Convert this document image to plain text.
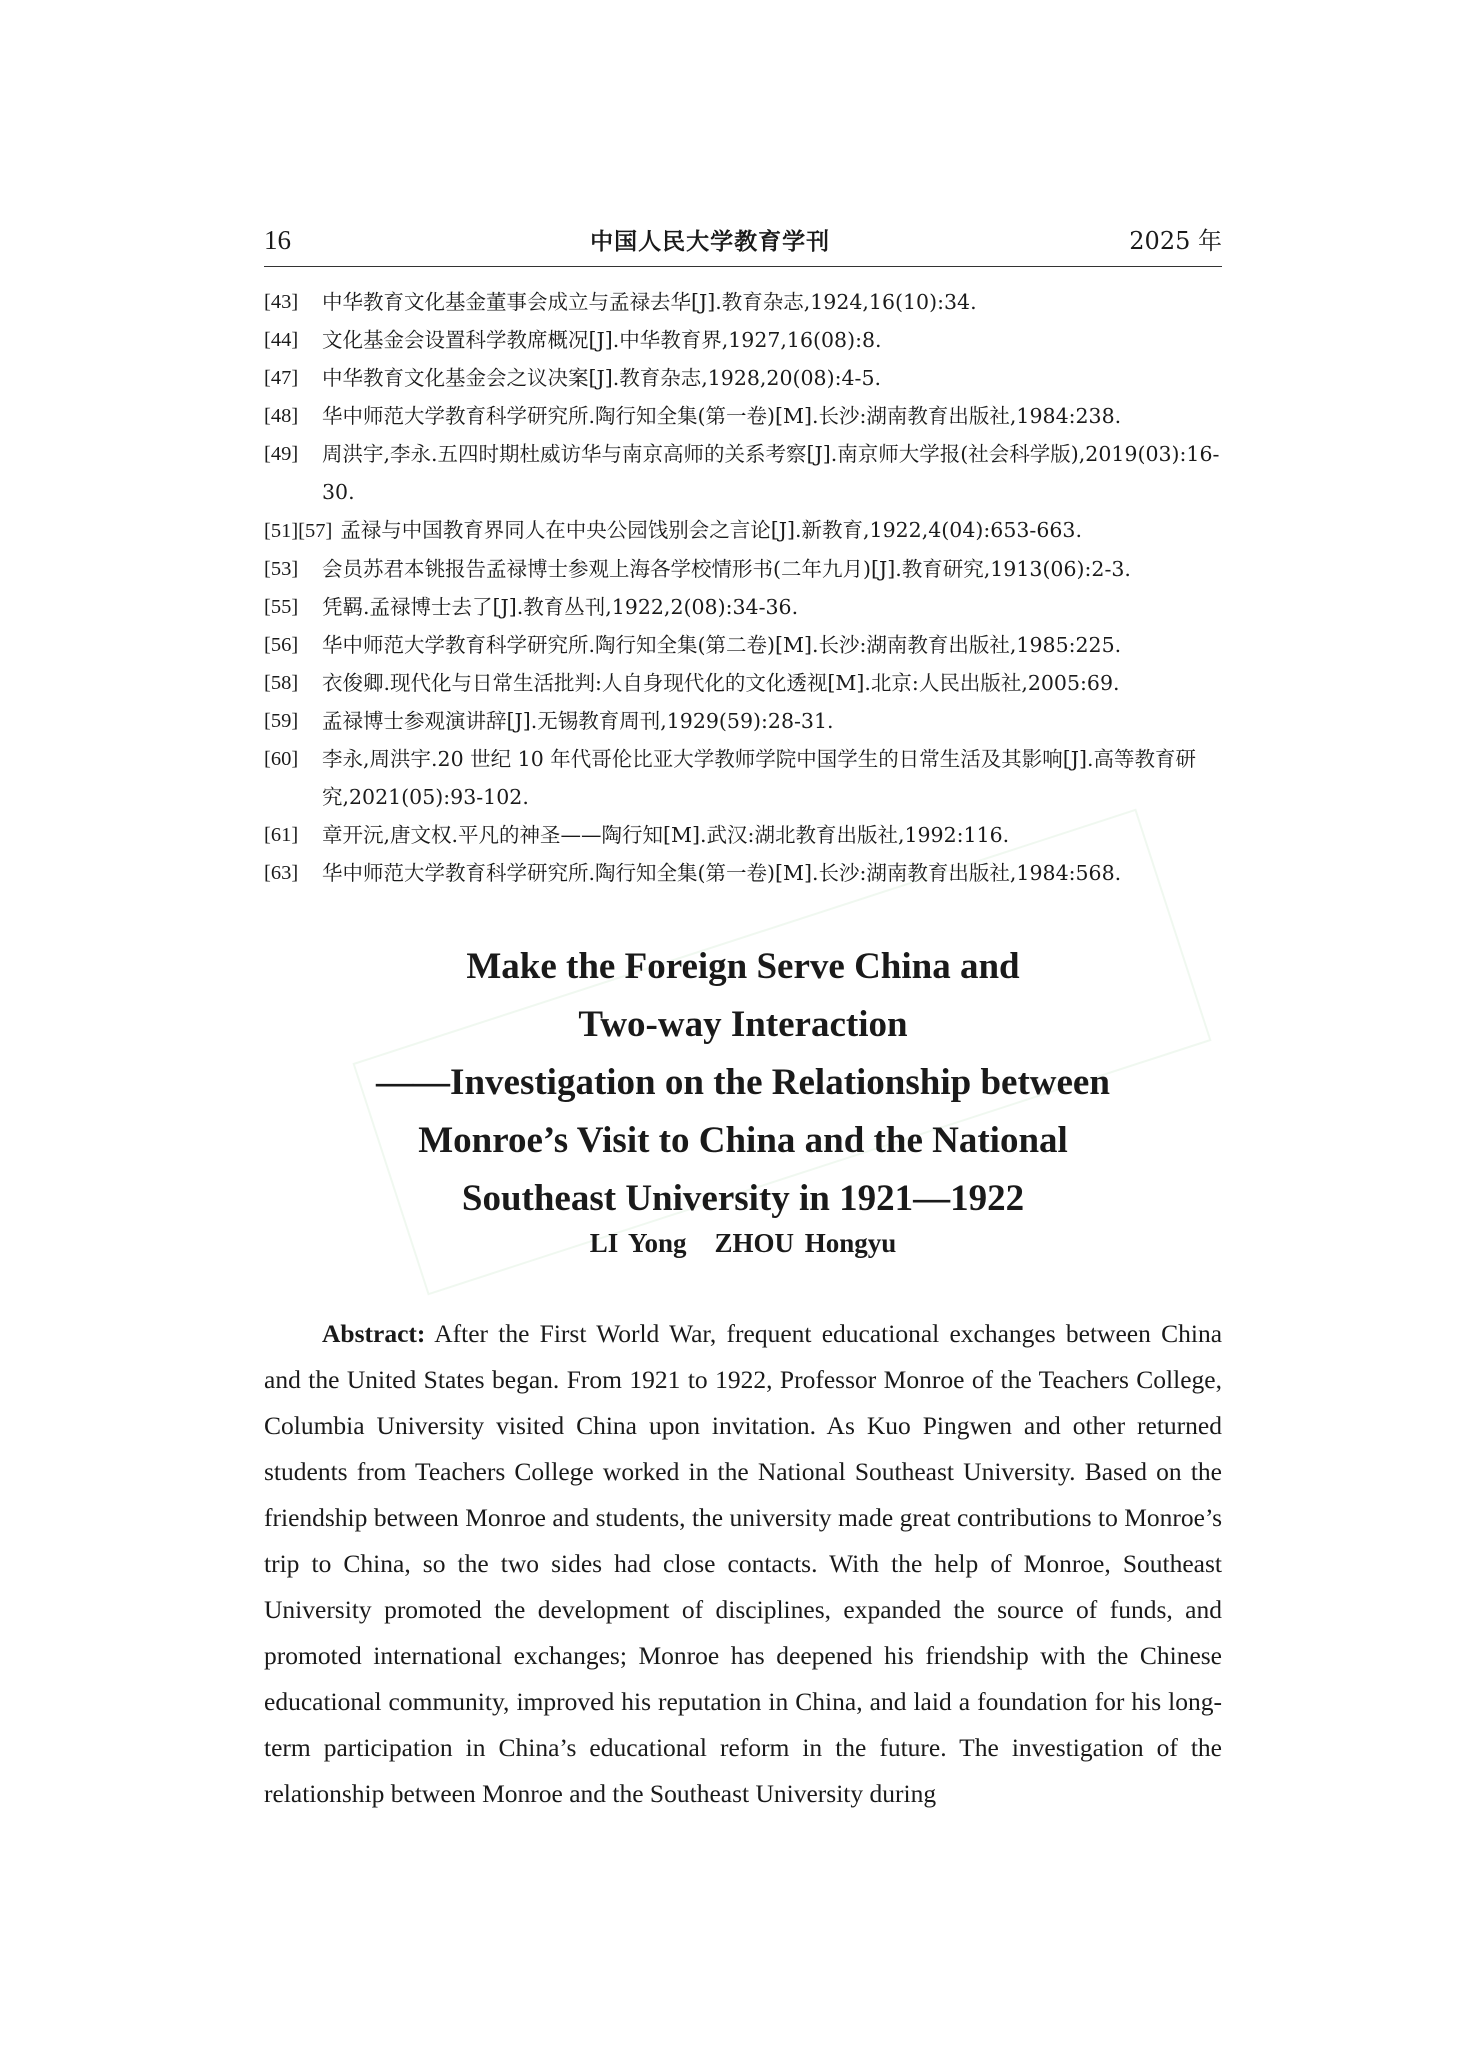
16	中国人民大学教育学刊	2025 年
[43] 中华教育文化基金董事会成立与孟禄去华[J].教育杂志,1924,16(10):34.
[44] 文化基金会设置科学教席概况[J].中华教育界,1927,16(08):8.
[47] 中华教育文化基金会之议决案[J].教育杂志,1928,20(08):4-5.
[48] 华中师范大学教育科学研究所.陶行知全集(第一卷)[M].长沙:湖南教育出版社,1984:238.
[49] 周洪宇,李永.五四时期杜威访华与南京高师的关系考察[J].南京师大学报(社会科学版),2019(03):16-30.
[51][57] 孟禄与中国教育界同人在中央公园饯别会之言论[J].新教育,1922,4(04):653-663.
[53] 会员苏君本铫报告孟禄博士参观上海各学校情形书(二年九月)[J].教育研究,1913(06):2-3.
[55] 凭羁.孟禄博士去了[J].教育丛刊,1922,2(08):34-36.
[56] 华中师范大学教育科学研究所.陶行知全集(第二卷)[M].长沙:湖南教育出版社,1985:225.
[58] 衣俊卿.现代化与日常生活批判:人自身现代化的文化透视[M].北京:人民出版社,2005:69.
[59] 孟禄博士参观演讲辞[J].无锡教育周刊,1929(59):28-31.
[60] 李永,周洪宇.20 世纪 10 年代哥伦比亚大学教师学院中国学生的日常生活及其影响[J].高等教育研究,2021(05):93-102.
[61] 章开沅,唐文权.平凡的神圣——陶行知[M].武汉:湖北教育出版社,1992:116.
[63] 华中师范大学教育科学研究所.陶行知全集(第一卷)[M].长沙:湖南教育出版社,1984:568.
Make the Foreign Serve China and
Two-way Interaction
——Investigation on the Relationship between
Monroe’s Visit to China and the National
Southeast University in 1921—1922
LI Yong ZHOU Hongyu
Abstract: After the First World War, frequent educational exchanges between China and the United States began. From 1921 to 1922, Professor Monroe of the Teachers College, Columbia University visited China upon invitation. As Kuo Pingwen and other returned students from Teachers College worked in the National Southeast University. Based on the friendship between Monroe and students, the university made great contributions to Monroe’s trip to China, so the two sides had close contacts. With the help of Monroe, Southeast University promoted the development of disciplines, expanded the source of funds, and promoted international exchanges; Monroe has deepened his friendship with the Chinese educational community, improved his reputation in China, and laid a foundation for his long-term participation in China’s educational reform in the future. The investigation of the relationship between Monroe and the Southeast University during
